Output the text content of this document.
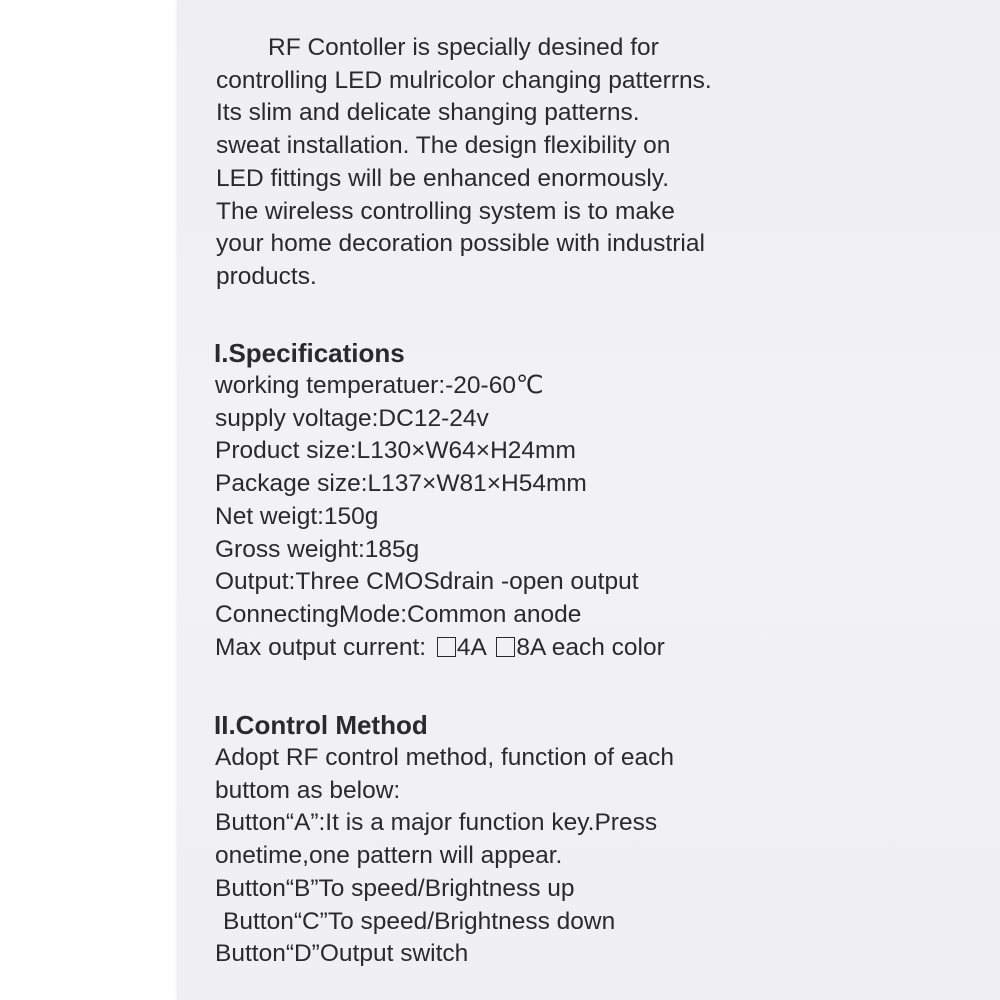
RF Contoller is specially desined for
controlling LED mulricolor changing patterrns.
Its slim and delicate shanging patterns.
sweat installation. The design flexibility on
LED fittings will be enhanced enormously.
The wireless controlling system is to make
your home decoration possible with industrial
products.
I.Specifications
working temperatuer:-20-60℃
supply voltage:DC12-24v
Product size:L130×W64×H24mm
Package size:L137×W81×H54mm
Net weigt:150g
Gross weight:185g
Output:Three CMOSdrain -open output
ConnectingMode:Common anode
Max output current: 4A 8A each color
II.Control Method
Adopt RF control method, function of each
buttom as below:
Button“A”:It is a major function key.Press
onetime,one pattern will appear.
Button“B”To speed/Brightness up
Button“C”To speed/Brightness down
Button“D”Output switch
